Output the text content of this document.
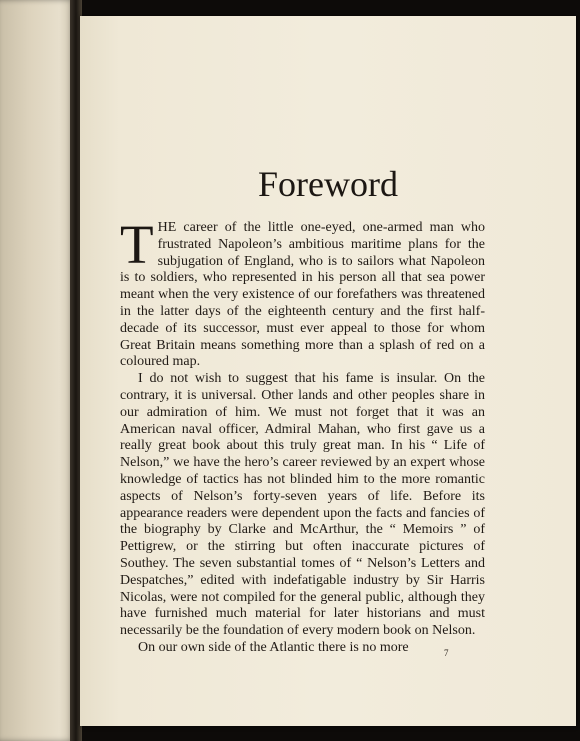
Foreword

THE career of the little one-eyed, one-armed man who frustrated Napoleon’s ambitious maritime plans for the subjugation of England, who is to sailors what Napoleon is to soldiers, who represented in his person all that sea power meant when the very existence of our forefathers was threatened in the latter days of the eighteenth century and the first half-decade of its successor, must ever appeal to those for whom Great Britain means something more than a splash of red on a coloured map.

I do not wish to suggest that his fame is insular. On the contrary, it is universal. Other lands and other peoples share in our admiration of him. We must not forget that it was an American naval officer, Admiral Mahan, who first gave us a really great book about this truly great man. In his “ Life of Nelson,” we have the hero’s career reviewed by an expert whose knowledge of tactics has not blinded him to the more romantic aspects of Nelson’s forty-seven years of life. Before its appearance readers were dependent upon the facts and fancies of the biography by Clarke and McArthur, the “ Memoirs ” of Pettigrew, or the stirring but often inaccurate pictures of Southey. The seven substantial tomes of “ Nelson’s Letters and Despatches,” edited with indefatigable industry by Sir Harris Nicolas, were not compiled for the general public, although they have furnished much material for later historians and must necessarily be the foundation of every modern book on Nelson.

On our own side of the Atlantic there is no more	7
